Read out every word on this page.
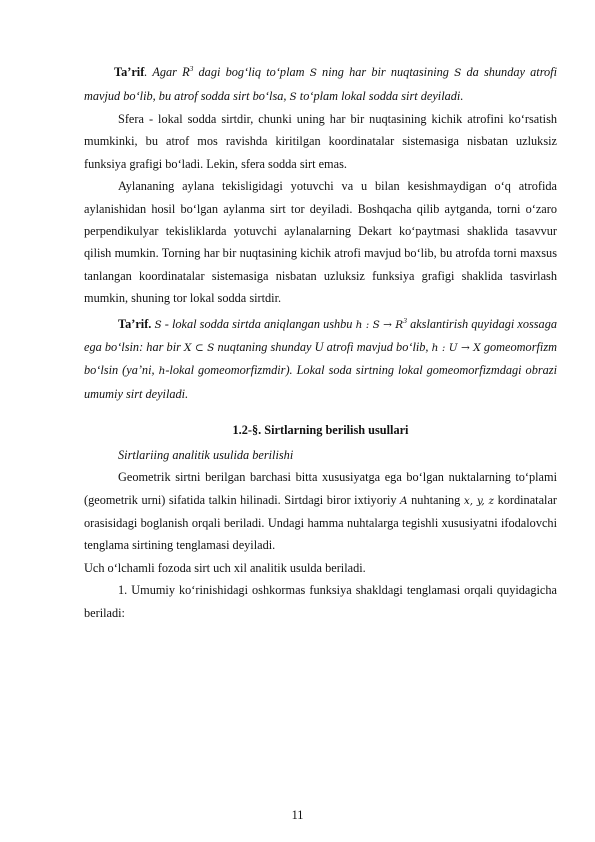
Ta’rif. Agar $R^3$ dagi bog‘liq to‘plam S ning har bir nuqtasining S da shunday atrofi mavjud bo‘lib, bu atrof sodda sirt bo‘lsa, S to‘plam lokal sodda sirt deyiladi.

Sfera - lokal sodda sirtdir, chunki uning har bir nuqtasining kichik atrofini ko‘rsatish mumkinki, bu atrof mos ravishda kiritilgan koordinatalar sistemasiga nisbatan uzluksiz funksiya grafigi bo‘ladi. Lekin, sfera sodda sirt emas.

Aylananing aylana tekisligidagi yotuvchi va u bilan kesishmaydigan o‘q atrofida aylanishidan hosil bo‘lgan aylanma sirt tor deyiladi. Boshqacha qilib aytganda, torni o‘zaro perpendikulyar tekisliklarda yotuvchi aylanalarning Dekart ko‘paytmasi shaklida tasavvur qilish mumkin. Torning har bir nuqtasining kichik atrofi mavjud bo‘lib, bu atrofda torni maxsus tanlangan koordinatalar sistemasiga nisbatan uzluksiz funksiya grafigi shaklida tasvirlash mumkin, shuning tor lokal sodda sirtdir.

Ta’rif. S - lokal sodda sirtda aniqlangan ushbu h : $S \to R^3$ akslantirish quyidagi xossaga ega bo‘lsin: har bir X ⊂ S nuqtaning shunday U atrofi mavjud bo‘lib, h : U → X gomeomorfizm bo‘lsin (ya’ni, h-lokal gomeomorfizmdir). Lokal soda sirtning lokal gomeomorfizmdagi obrazi umumiy sirt deyiladi.

1.2-§. Sirtlarning berilish usullari

Sirtlariing analitik usulida berilishi

Geometrik sirtni berilgan barchasi bitta xususiyatga ega bo‘lgan nuktalarning to‘plami (geometrik urni) sifatida talkin hilinadi. Sirtdagi biror ixtiyoriy A nuhtaning x, y, z kordinatalar orasisidagi boglanish orqali beriladi. Undagi hamma nuhtalarga tegishli xususiyatni ifodalovchi tenglama sirtining tenglamasi deyiladi.

Uch o‘lchamli fozoda sirt uch xil analitik usulda beriladi.

1. Umumiy ko‘rinishidagi oshkormas funksiya shakldagi tenglamasi orqali quyidagicha beriladi:

11
